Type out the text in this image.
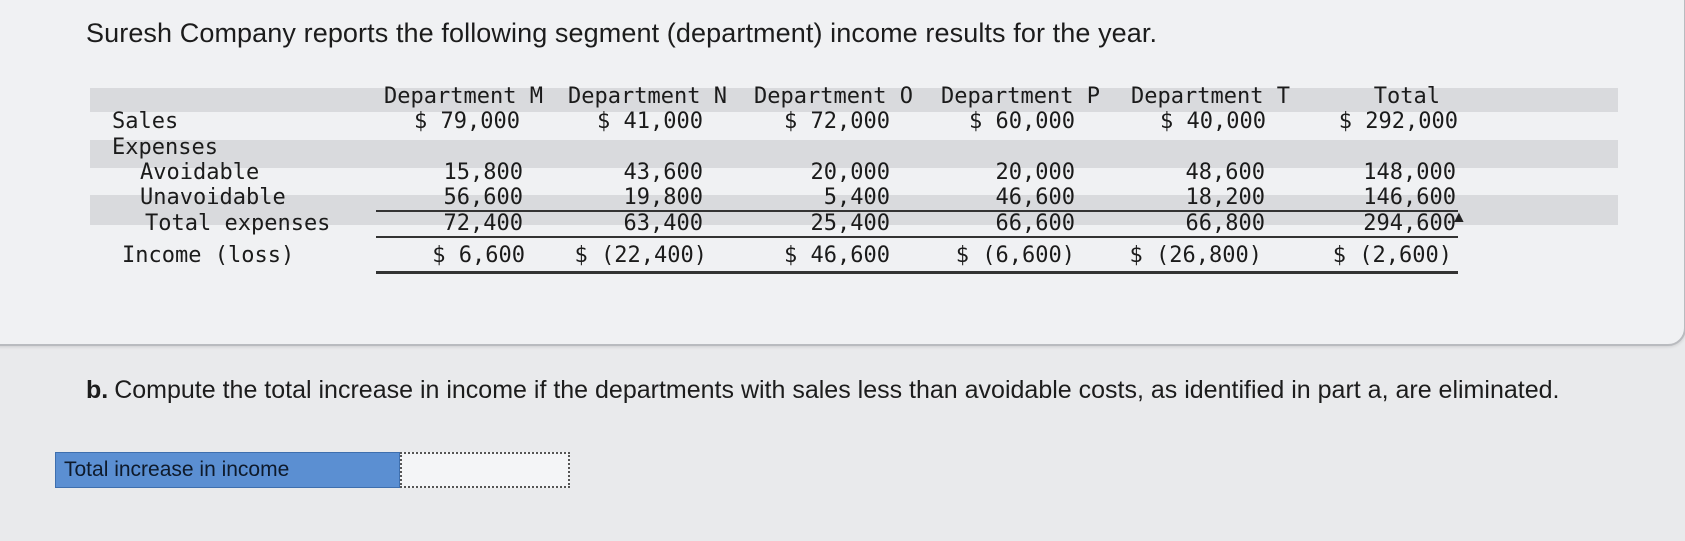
Suresh Company reports the following segment (department) income results for the year.
Department M	Department N	Department O	Department P	Department T	Total
Sales	$ 79,000	$ 41,000	$ 72,000	$ 60,000	$ 40,000	$ 292,000
Expenses
Avoidable	15,800	43,600	20,000	20,000	48,600	148,000
Unavoidable	56,600	19,800	5,400	46,600	18,200	146,600
Total expenses	72,400	63,400	25,400	66,600	66,800	294,600
Income (loss)	$ 6,600	$ (22,400)	$ 46,600	$ (6,600)	$ (26,800)	$ (2,600)
▲
b. Compute the total increase in income if the departments with sales less than avoidable costs, as identified in part a, are eliminated.
Total increase in income
